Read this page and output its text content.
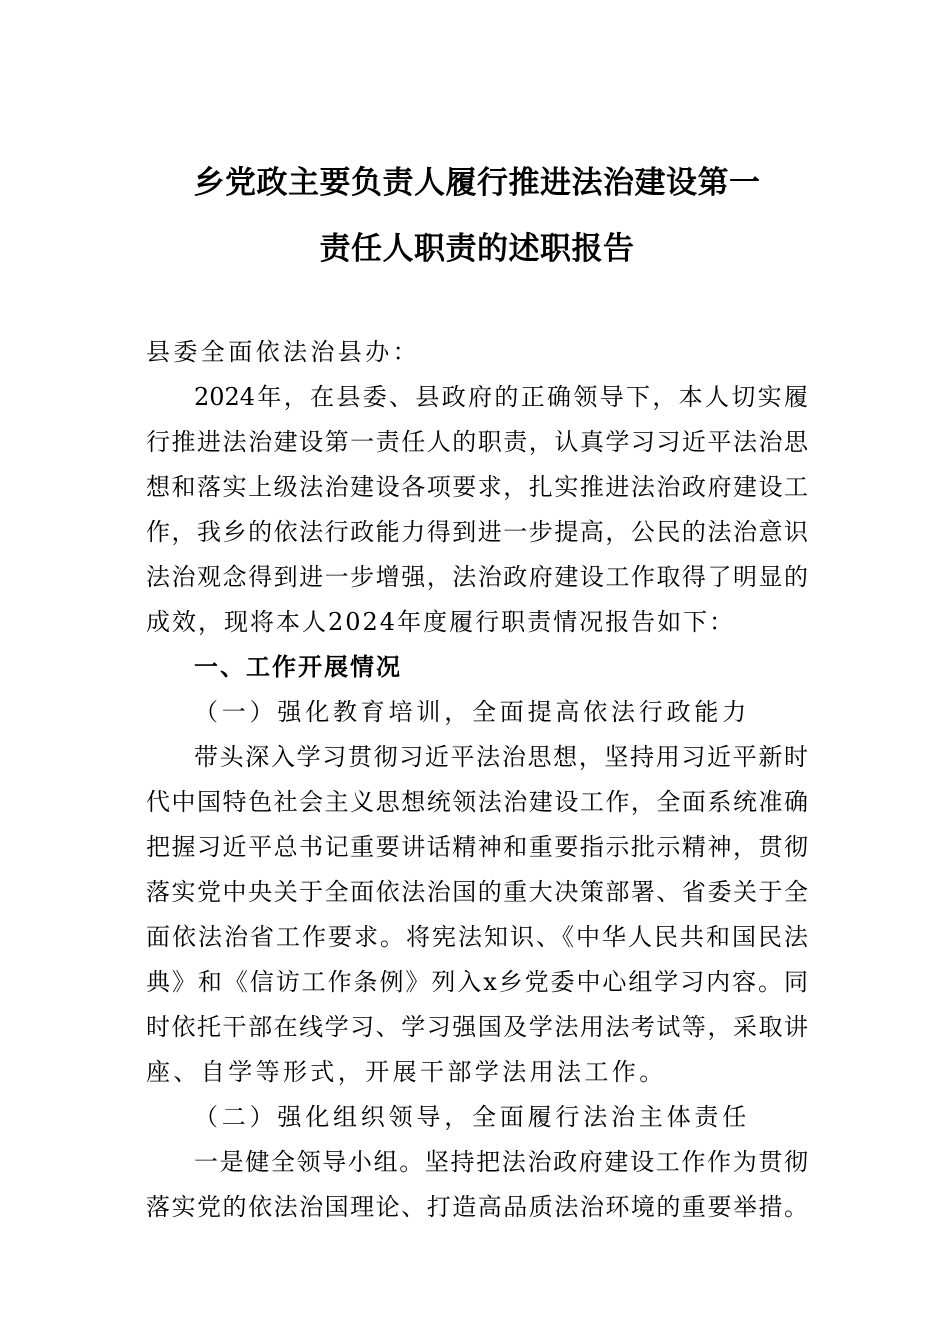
乡党政主要负责人履行推进法治建设第一
责任人职责的述职报告
县委全面依法治县办：
2024年，在县委、县政府的正确领导下，本人切实履
行推进法治建设第一责任人的职责，认真学习习近平法治思
想和落实上级法治建设各项要求，扎实推进法治政府建设工
作，我乡的依法行政能力得到进一步提高，公民的法治意识
法治观念得到进一步增强，法治政府建设工作取得了明显的
成效，现将本人2024年度履行职责情况报告如下：
一、工作开展情况
（一）强化教育培训，全面提高依法行政能力
带头深入学习贯彻习近平法治思想，坚持用习近平新时
代中国特色社会主义思想统领法治建设工作，全面系统准确
把握习近平总书记重要讲话精神和重要指示批示精神，贯彻
落实党中央关于全面依法治国的重大决策部署、省委关于全
面依法治省工作要求。将宪法知识、《中华人民共和国民法
典》和《信访工作条例》列入x乡党委中心组学习内容。同
时依托干部在线学习、学习强国及学法用法考试等，采取讲
座、自学等形式，开展干部学法用法工作。
（二）强化组织领导，全面履行法治主体责任
一是健全领导小组。坚持把法治政府建设工作作为贯彻
落实党的依法治国理论、打造高品质法治环境的重要举措。
